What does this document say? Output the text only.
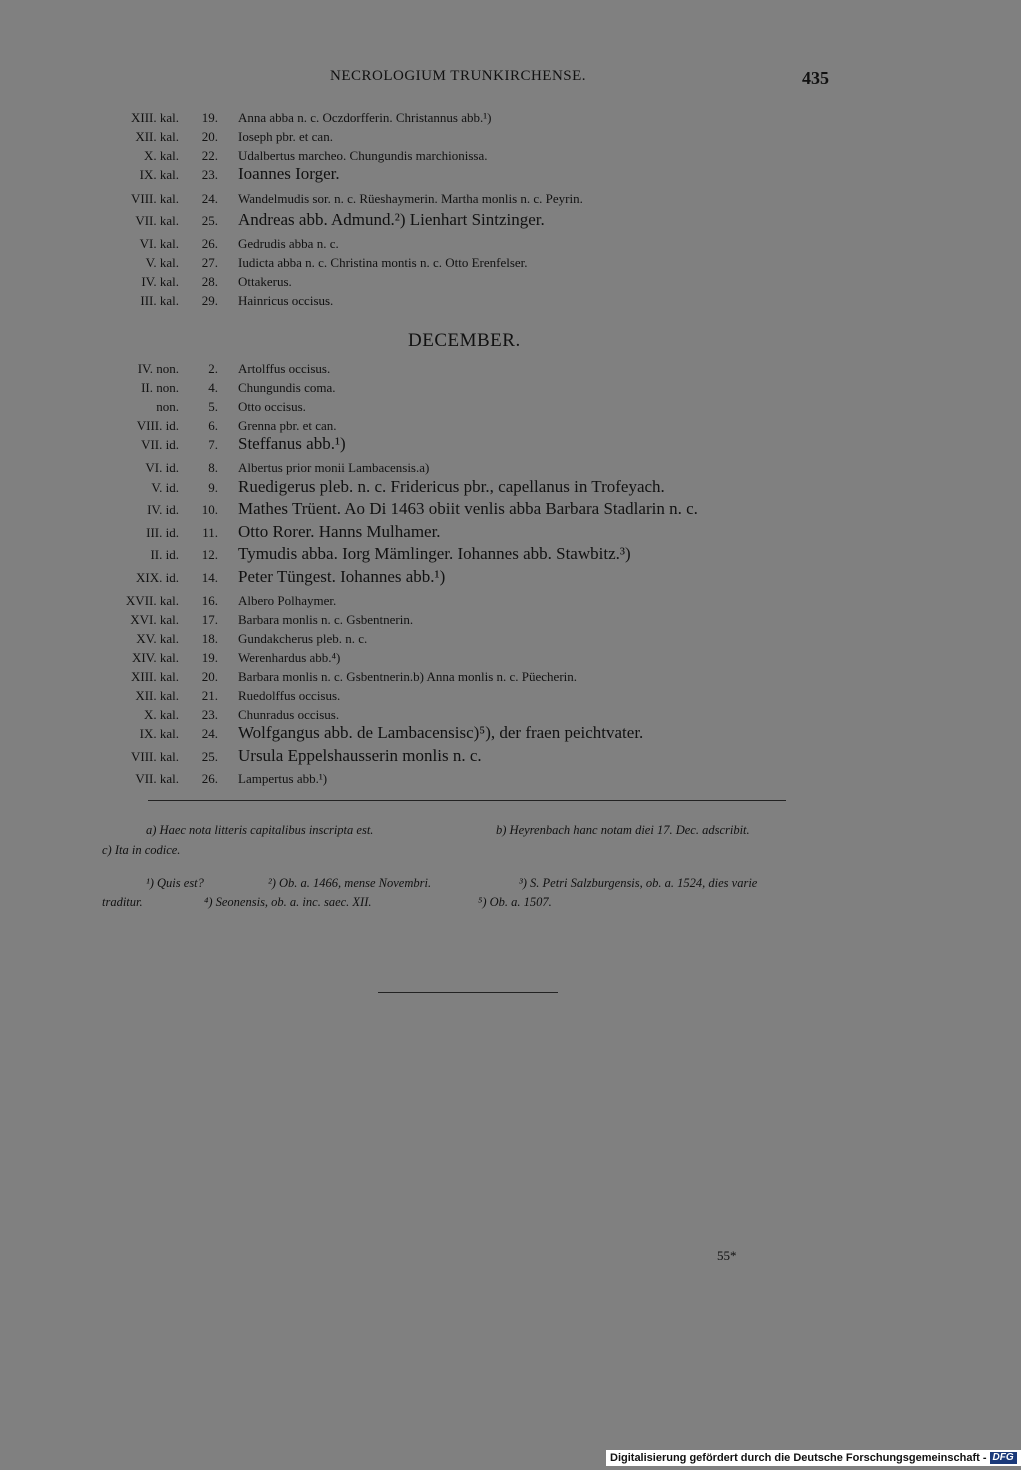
NECROLOGIUM TRUNKIRCHENSE.	435
XIII. kal. 19. Anna abba n. c. Oczdorfferin. Christannus abb.¹)
XII. kal. 20. Ioseph pbr. et can.
X. kal. 22. Udalbertus marcheo. Chungundis marchionissa.
IX. kal. 23. Ioannes Iorger.
VIII. kal. 24. Wandelmudis sor. n. c. Rüeshaymerin. Martha monlis n. c. Peyrin.
VII. kal. 25. Andreas abb. Admund.²) Lienhart Sintzinger.
VI. kal. 26. Gedrudis abba n. c.
V. kal. 27. Iudicta abba n. c. Christina montis n. c. Otto Erenfelser.
IV. kal. 28. Ottakerus.
III. kal. 29. Hainricus occisus.
DECEMBER.
IV. non. 2. Artolffus occisus.
II. non. 4. Chungundis coma.
non. 5. Otto occisus.
VIII. id. 6. Grenna pbr. et can.
VII. id. 7. Steffanus abb.¹)
VI. id. 8. Albertus prior monii Lambacensis.a)
V. id. 9. Ruedigerus pleb. n. c. Fridericus pbr., capellanus in Trofeyach.
IV. id. 10. Mathes Trüent. Ao Di 1463 obiit venlis abba Barbara Stadlarin n. c.
III. id. 11. Otto Rorer. Hanns Mulhamer.
II. id. 12. Tymudis abba. Iorg Mämlinger. Iohannes abb. Stawbitz.³)
XIX. id. 14. Peter Tüngest. Iohannes abb.¹)
XVII. kal. 16. Albero Polhaymer.
XVI. kal. 17. Barbara monlis n. c. Gsbentnerin.
XV. kal. 18. Gundakcherus pleb. n. c.
XIV. kal. 19. Werenhardus abb.⁴)
XIII. kal. 20. Barbara monlis n. c. Gsbentnerin.b) Anna monlis n. c. Püecherin.
XII. kal. 21. Ruedolffus occisus.
X. kal. 23. Chunradus occisus.
IX. kal. 24. Wolfgangus abb. de Lambacensisc)⁵), der fraen peichtvater.
VIII. kal. 25. Ursula Eppelshausserin monlis n. c.
VII. kal. 26. Lampertus abb.¹)
a) Haec nota litteris capitalibus inscripta est.	b) Heyrenbach hanc notam diei 17. Dec. adscribit.
c) Ita in codice.
¹) Quis est?	²) Ob. a. 1466, mense Novembri.	³) S. Petri Salzburgensis, ob. a. 1524, dies varie
traditur.	⁴) Seonensis, ob. a. inc. saec. XII.	⁵) Ob. a. 1507.
55*
Digitalisierung gefördert durch die Deutsche Forschungsgemeinschaft - DFG
